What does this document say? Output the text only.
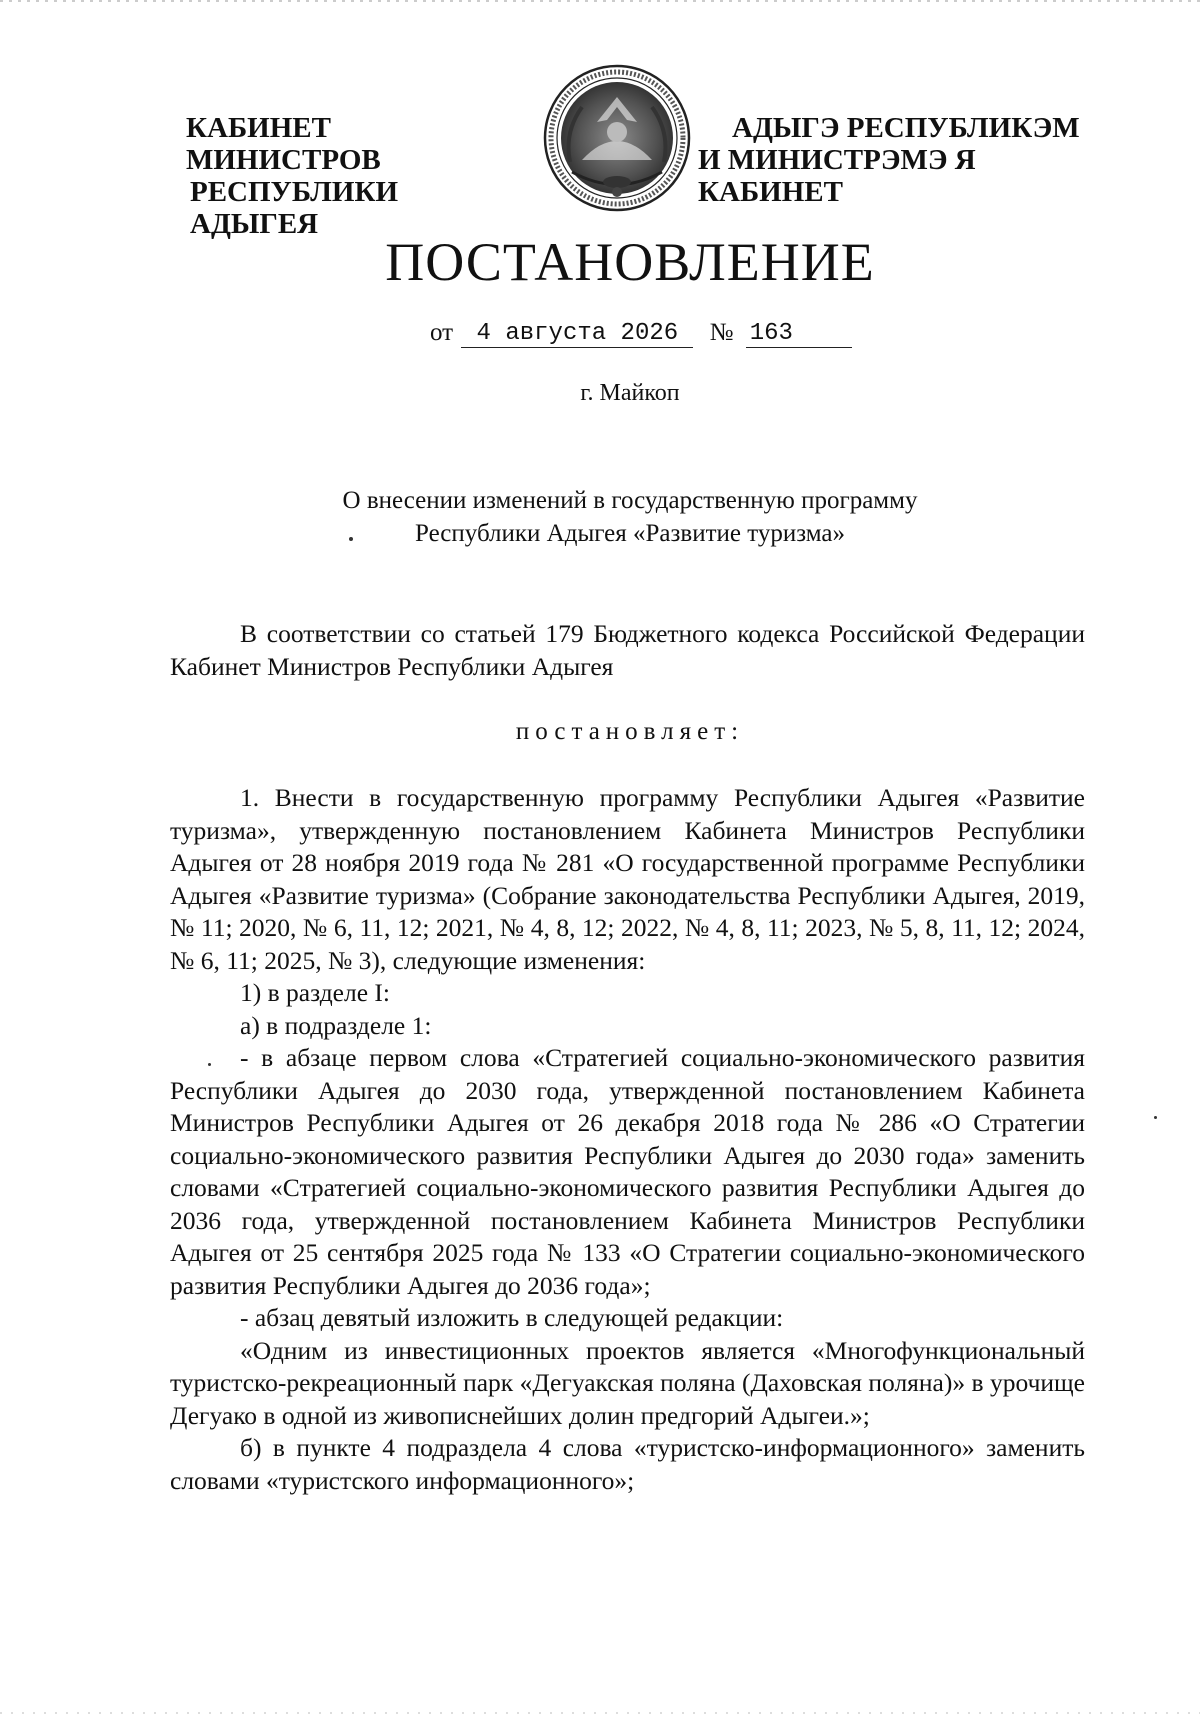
КАБИНЕТ МИНИСТРОВ
РЕСПУБЛИКИ АДЫГЕЯ
АДЫГЭ РЕСПУБЛИКЭМ
И МИНИСТРЭМЭ Я КАБИНЕТ
ПОСТАНОВЛЕНИЕ
от 4 августа 2026 № 163
г. Майкоп
О внесении изменений в государственную программу
Республики Адыгея «Развитие туризма»

В соответствии со статьей 179 Бюджетного кодекса Российской Федерации Кабинет Министров Республики Адыгея

постановляет:

1. Внести в государственную программу Республики Адыгея «Развитие туризма», утвержденную постановлением Кабинета Министров Республики Адыгея от 28 ноября 2019 года № 281 «О государственной программе Республики Адыгея «Развитие туризма» (Собрание законодательства Республики Адыгея, 2019, № 11; 2020, № 6, 11, 12; 2021, № 4, 8, 12; 2022, № 4, 8, 11; 2023, № 5, 8, 11, 12; 2024, № 6, 11; 2025, № 3), следующие изменения:

1) в разделе I:

а) в подразделе 1:

- в абзаце первом слова «Стратегией социально-экономического развития Республики Адыгея до 2030 года, утвержденной постановлением Кабинета Министров Республики Адыгея от 26 декабря 2018 года № 286 «О Стратегии социально-экономического развития Республики Адыгея до 2030 года» заменить словами «Стратегией социально-экономического развития Республики Адыгея до 2036 года, утвержденной постановлением Кабинета Министров Республики Адыгея от 25 сентября 2025 года № 133 «О Стратегии социально-экономического развития Республики Адыгея до 2036 года»;

- абзац девятый изложить в следующей редакции:

«Одним из инвестиционных проектов является «Многофункциональный туристско-рекреационный парк «Дегуакская поляна (Даховская поляна)» в урочище Дегуако в одной из живописнейших долин предгорий Адыгеи.»;

б) в пункте 4 подраздела 4 слова «туристско-информационного» заменить словами «туристского информационного»;
